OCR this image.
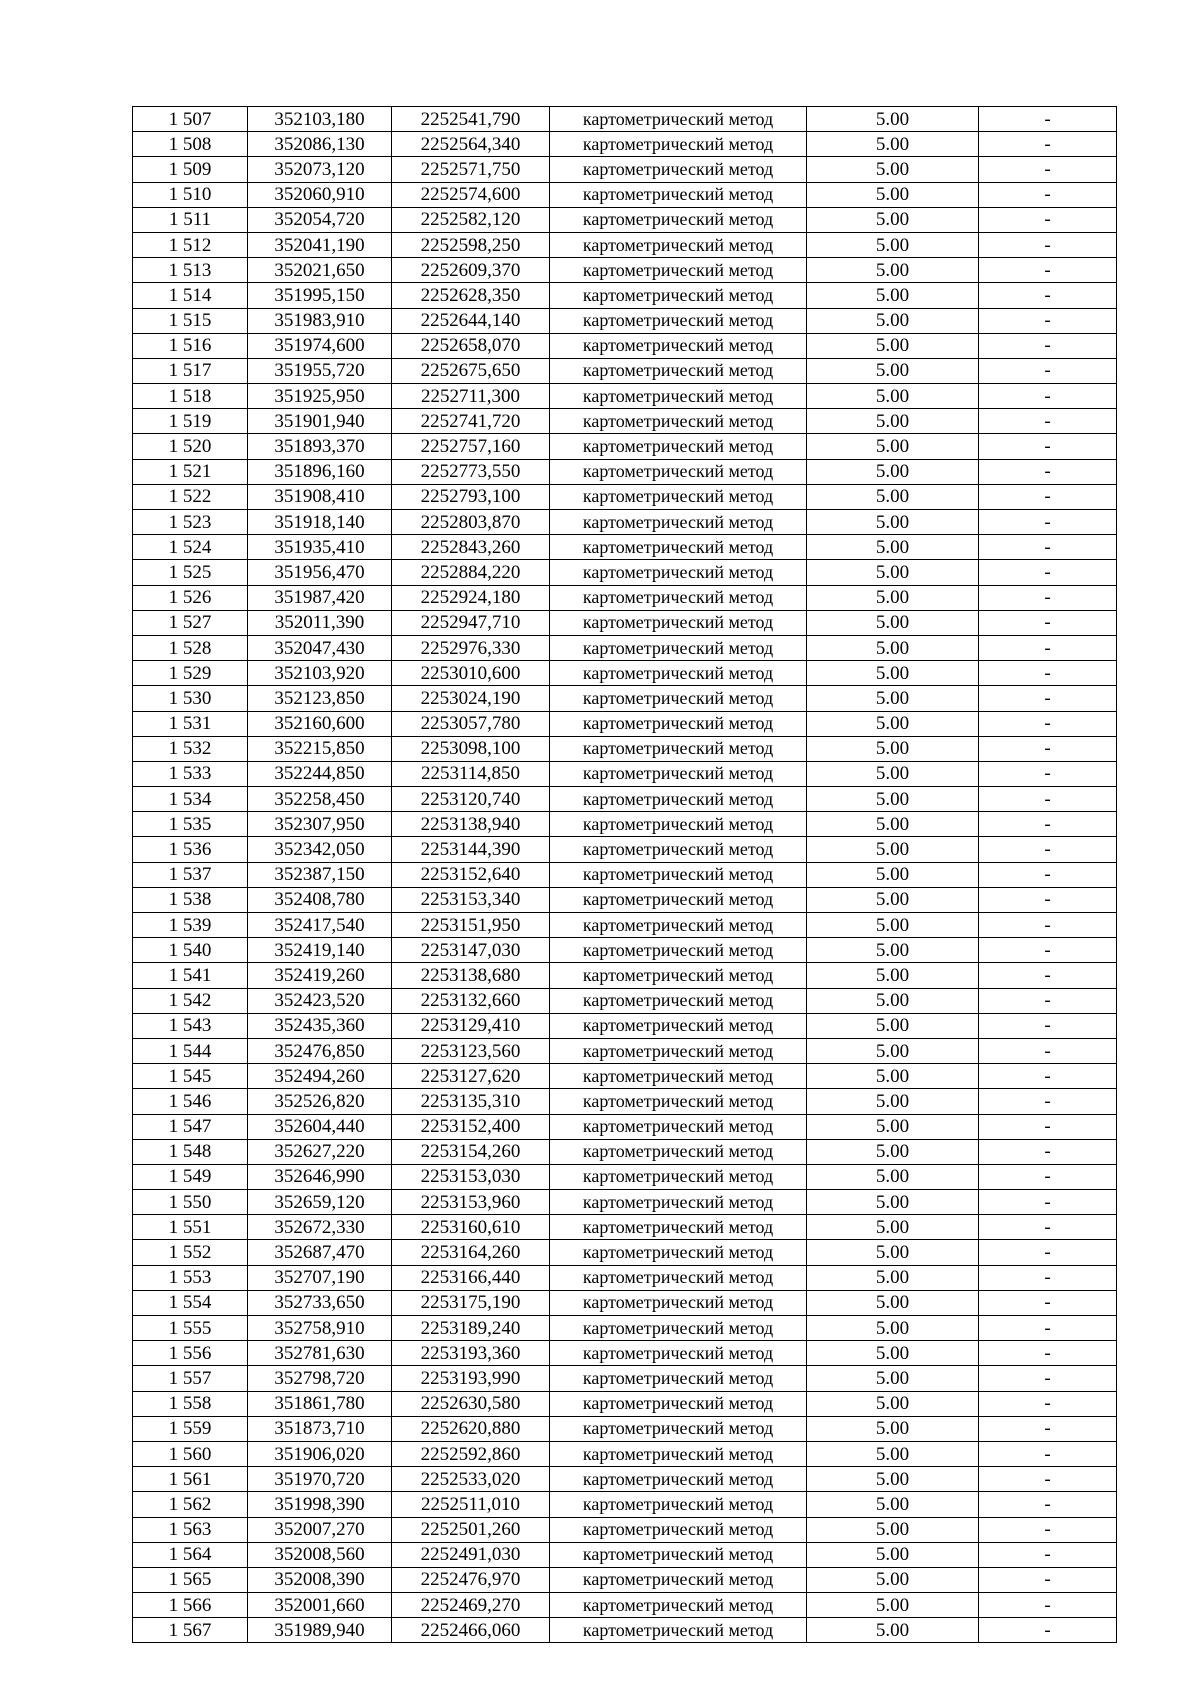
1 507	352103,180	2252541,790	картометрический метод	5.00	-
1 508	352086,130	2252564,340	картометрический метод	5.00	-
1 509	352073,120	2252571,750	картометрический метод	5.00	-
1 510	352060,910	2252574,600	картометрический метод	5.00	-
1 511	352054,720	2252582,120	картометрический метод	5.00	-
1 512	352041,190	2252598,250	картометрический метод	5.00	-
1 513	352021,650	2252609,370	картометрический метод	5.00	-
1 514	351995,150	2252628,350	картометрический метод	5.00	-
1 515	351983,910	2252644,140	картометрический метод	5.00	-
1 516	351974,600	2252658,070	картометрический метод	5.00	-
1 517	351955,720	2252675,650	картометрический метод	5.00	-
1 518	351925,950	2252711,300	картометрический метод	5.00	-
1 519	351901,940	2252741,720	картометрический метод	5.00	-
1 520	351893,370	2252757,160	картометрический метод	5.00	-
1 521	351896,160	2252773,550	картометрический метод	5.00	-
1 522	351908,410	2252793,100	картометрический метод	5.00	-
1 523	351918,140	2252803,870	картометрический метод	5.00	-
1 524	351935,410	2252843,260	картометрический метод	5.00	-
1 525	351956,470	2252884,220	картометрический метод	5.00	-
1 526	351987,420	2252924,180	картометрический метод	5.00	-
1 527	352011,390	2252947,710	картометрический метод	5.00	-
1 528	352047,430	2252976,330	картометрический метод	5.00	-
1 529	352103,920	2253010,600	картометрический метод	5.00	-
1 530	352123,850	2253024,190	картометрический метод	5.00	-
1 531	352160,600	2253057,780	картометрический метод	5.00	-
1 532	352215,850	2253098,100	картометрический метод	5.00	-
1 533	352244,850	2253114,850	картометрический метод	5.00	-
1 534	352258,450	2253120,740	картометрический метод	5.00	-
1 535	352307,950	2253138,940	картометрический метод	5.00	-
1 536	352342,050	2253144,390	картометрический метод	5.00	-
1 537	352387,150	2253152,640	картометрический метод	5.00	-
1 538	352408,780	2253153,340	картометрический метод	5.00	-
1 539	352417,540	2253151,950	картометрический метод	5.00	-
1 540	352419,140	2253147,030	картометрический метод	5.00	-
1 541	352419,260	2253138,680	картометрический метод	5.00	-
1 542	352423,520	2253132,660	картометрический метод	5.00	-
1 543	352435,360	2253129,410	картометрический метод	5.00	-
1 544	352476,850	2253123,560	картометрический метод	5.00	-
1 545	352494,260	2253127,620	картометрический метод	5.00	-
1 546	352526,820	2253135,310	картометрический метод	5.00	-
1 547	352604,440	2253152,400	картометрический метод	5.00	-
1 548	352627,220	2253154,260	картометрический метод	5.00	-
1 549	352646,990	2253153,030	картометрический метод	5.00	-
1 550	352659,120	2253153,960	картометрический метод	5.00	-
1 551	352672,330	2253160,610	картометрический метод	5.00	-
1 552	352687,470	2253164,260	картометрический метод	5.00	-
1 553	352707,190	2253166,440	картометрический метод	5.00	-
1 554	352733,650	2253175,190	картометрический метод	5.00	-
1 555	352758,910	2253189,240	картометрический метод	5.00	-
1 556	352781,630	2253193,360	картометрический метод	5.00	-
1 557	352798,720	2253193,990	картометрический метод	5.00	-
1 558	351861,780	2252630,580	картометрический метод	5.00	-
1 559	351873,710	2252620,880	картометрический метод	5.00	-
1 560	351906,020	2252592,860	картометрический метод	5.00	-
1 561	351970,720	2252533,020	картометрический метод	5.00	-
1 562	351998,390	2252511,010	картометрический метод	5.00	-
1 563	352007,270	2252501,260	картометрический метод	5.00	-
1 564	352008,560	2252491,030	картометрический метод	5.00	-
1 565	352008,390	2252476,970	картометрический метод	5.00	-
1 566	352001,660	2252469,270	картометрический метод	5.00	-
1 567	351989,940	2252466,060	картометрический метод	5.00	-
